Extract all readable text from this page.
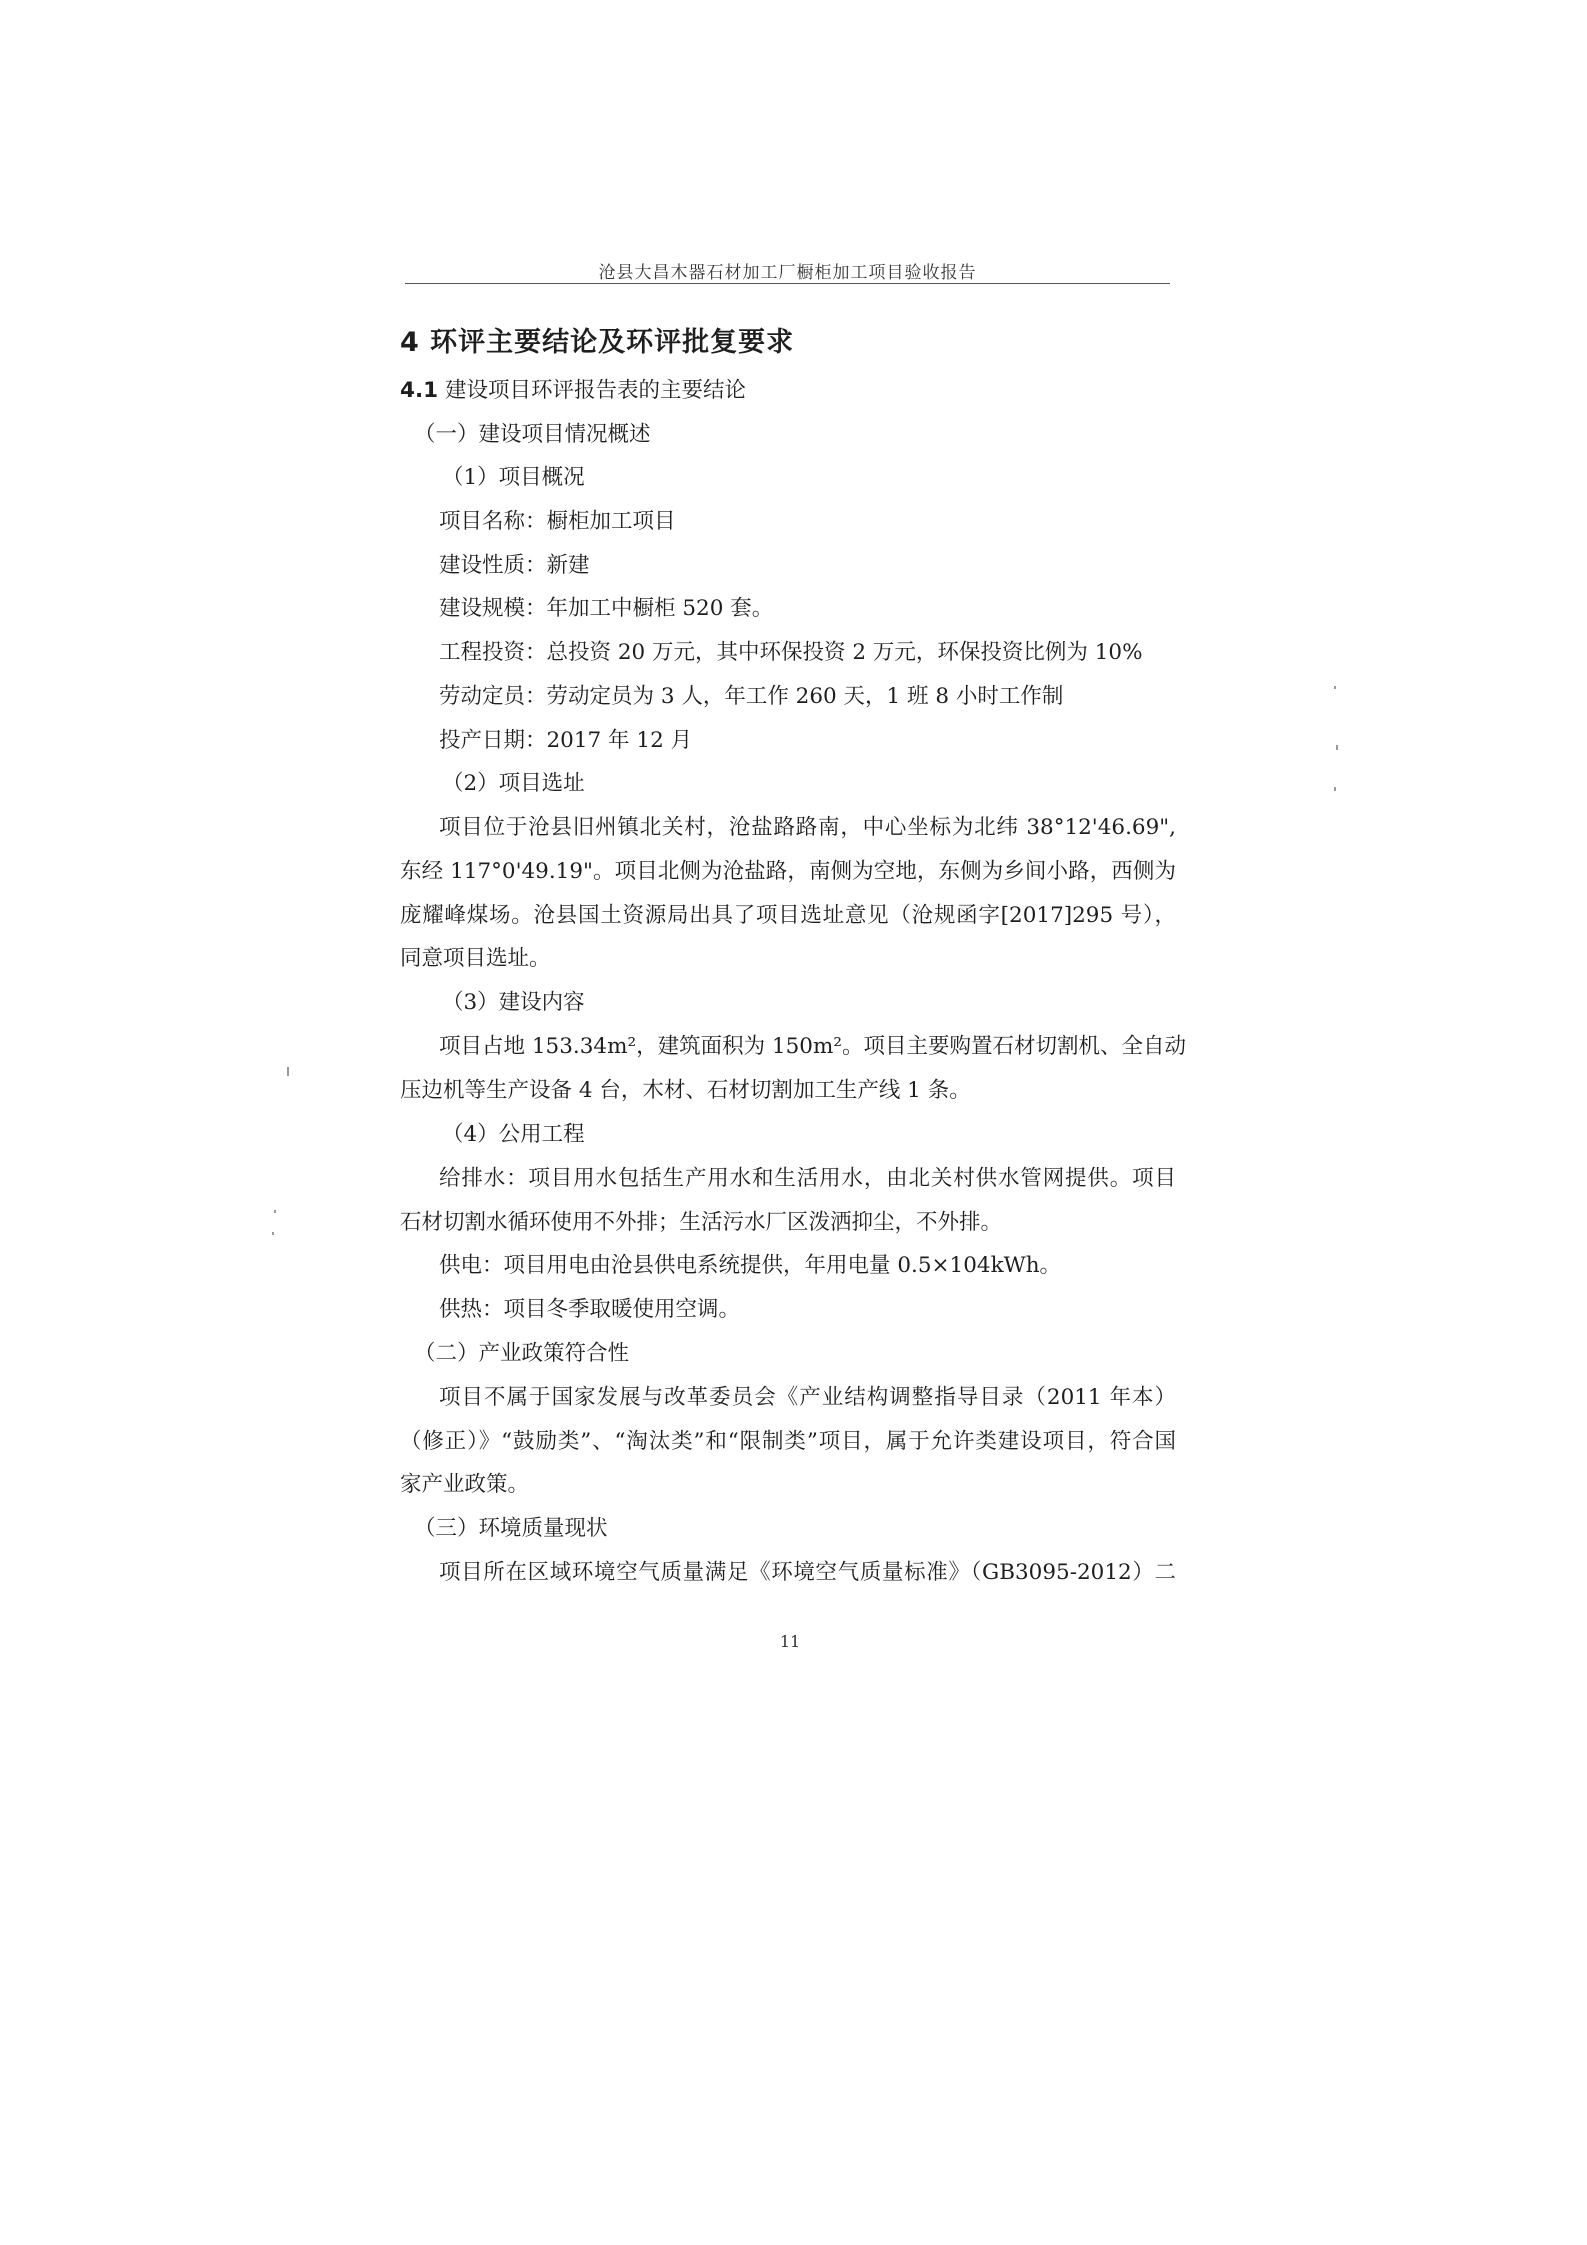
沧县大昌木器石材加工厂橱柜加工项目验收报告
4 环评主要结论及环评批复要求
4.1 建设项目环评报告表的主要结论
（一）建设项目情况概述
（1）项目概况
项目名称：橱柜加工项目
建设性质：新建
建设规模：年加工中橱柜 520 套。
工程投资：总投资 20 万元，其中环保投资 2 万元，环保投资比例为 10%
劳动定员：劳动定员为 3 人，年工作 260 天，1 班 8 小时工作制
投产日期：2017 年 12 月
（2）项目选址
项目位于沧县旧州镇北关村，沧盐路路南，中心坐标为北纬 38°12'46.69",
东经 117°0'49.19"。项目北侧为沧盐路，南侧为空地，东侧为乡间小路，西侧为
庞耀峰煤场。沧县国土资源局出具了项目选址意见（沧规函字[2017]295 号），
同意项目选址。
（3）建设内容
项目占地 153.34m²，建筑面积为 150m²。项目主要购置石材切割机、全自动
压边机等生产设备 4 台，木材、石材切割加工生产线 1 条。
（4）公用工程
给排水：项目用水包括生产用水和生活用水，由北关村供水管网提供。项目
石材切割水循环使用不外排；生活污水厂区泼洒抑尘，不外排。
供电：项目用电由沧县供电系统提供，年用电量 0.5×104kWh。
供热：项目冬季取暖使用空调。
（二）产业政策符合性
项目不属于国家发展与改革委员会《产业结构调整指导目录（2011 年本）
（修正）》“鼓励类”、“淘汰类”和“限制类”项目，属于允许类建设项目，符合国
家产业政策。
（三）环境质量现状
项目所在区域环境空气质量满足《环境空气质量标准》（GB3095-2012）二
11
